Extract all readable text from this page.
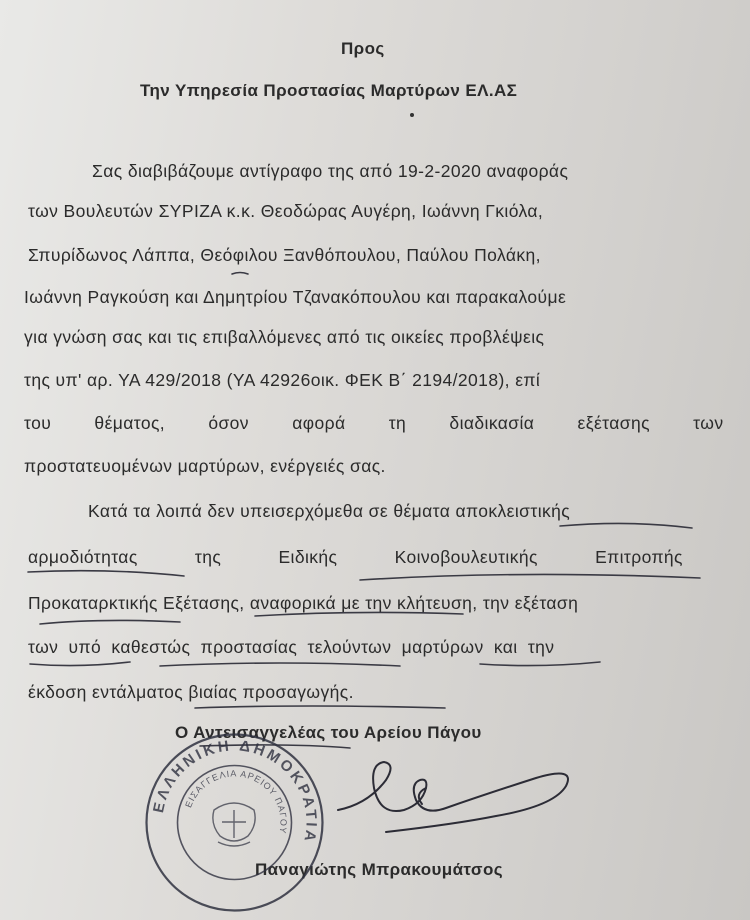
Προς
Την Υπηρεσία Προστασίας Μαρτύρων ΕΛ.ΑΣ
Σας διαβιβάζουμε αντίγραφο της από 19-2-2020 αναφοράς
των Βουλευτών ΣΥΡΙΖΑ κ.κ. Θεοδώρας Αυγέρη, Ιωάννη Γκιόλα,
Σπυρίδωνος Λάππα, Θεόφιλου Ξανθόπουλου, Παύλου Πολάκη,
Ιωάννη Ραγκούση και Δημητρίου Τζανακόπουλου και παρακαλούμε
για γνώση σας και τις επιβαλλόμενες από τις οικείες προβλέψεις
της υπ' αρ. ΥΑ 429/2018 (ΥΑ 42926οικ. ΦΕΚ Β΄ 2194/2018), επί
του θέματος, όσον αφορά τη διαδικασία εξέτασης των
προστατευομένων μαρτύρων, ενέργειές σας.
Κατά τα λοιπά δεν υπεισερχόμεθα σε θέματα αποκλειστικής
αρμοδιότητας της Ειδικής Κοινοβουλευτικής Επιτροπής
Προκαταρκτικής Εξέτασης, αναφορικά με την κλήτευση, την εξέταση
των υπό καθεστώς προστασίας τελούντων μαρτύρων και την
έκδοση εντάλματος βιαίας προσαγωγής.
Ο Αντεισαγγελέας του Αρείου Πάγου
Παναγιώτης Μπρακουμάτσος
ΕΛΛΗΝΙΚΗ ΔΗΜΟΚΡΑΤΙΑ
ΕΙΣΑΓΓΕΛΙΑ ΑΡΕΙΟΥ ΠΑΓΟΥ
